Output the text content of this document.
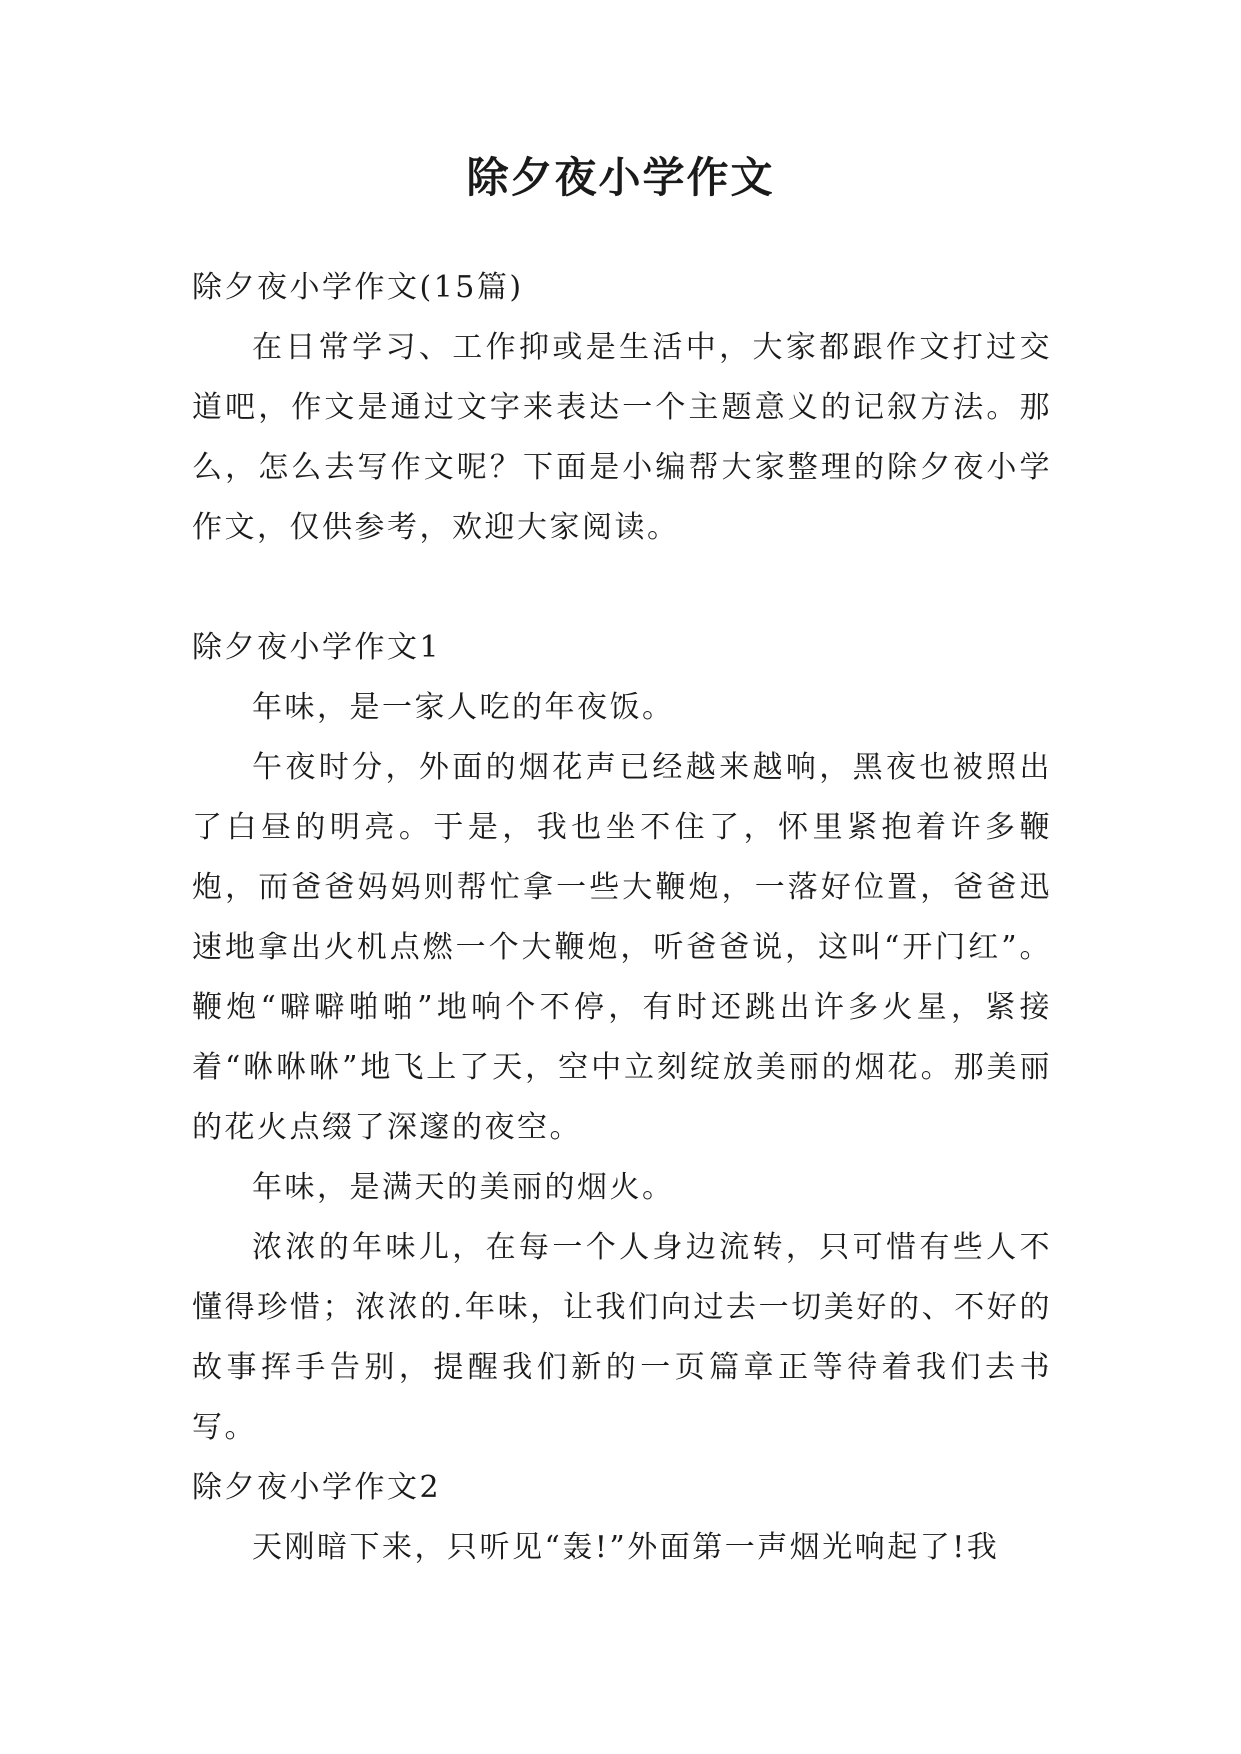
除夕夜小学作文

除夕夜小学作文(15篇)

在日常学习、工作抑或是生活中，大家都跟作文打过交道吧，作文是通过文字来表达一个主题意义的记叙方法。那么，怎么去写作文呢？下面是小编帮大家整理的除夕夜小学作文，仅供参考，欢迎大家阅读。

除夕夜小学作文1

年味，是一家人吃的年夜饭。

午夜时分，外面的烟花声已经越来越响，黑夜也被照出了白昼的明亮。于是，我也坐不住了，怀里紧抱着许多鞭炮，而爸爸妈妈则帮忙拿一些大鞭炮，一落好位置，爸爸迅速地拿出火机点燃一个大鞭炮，听爸爸说，这叫“开门红”。鞭炮“噼噼啪啪”地响个不停，有时还跳出许多火星，紧接着“咻咻咻”地飞上了天，空中立刻绽放美丽的烟花。那美丽的花火点缀了深邃的夜空。

年味，是满天的美丽的烟火。

浓浓的年味儿，在每一个人身边流转，只可惜有些人不懂得珍惜；浓浓的.年味，让我们向过去一切美好的、不好的故事挥手告别，提醒我们新的一页篇章正等待着我们去书写。

除夕夜小学作文2

天刚暗下来，只听见“轰!”外面第一声烟光响起了!我
